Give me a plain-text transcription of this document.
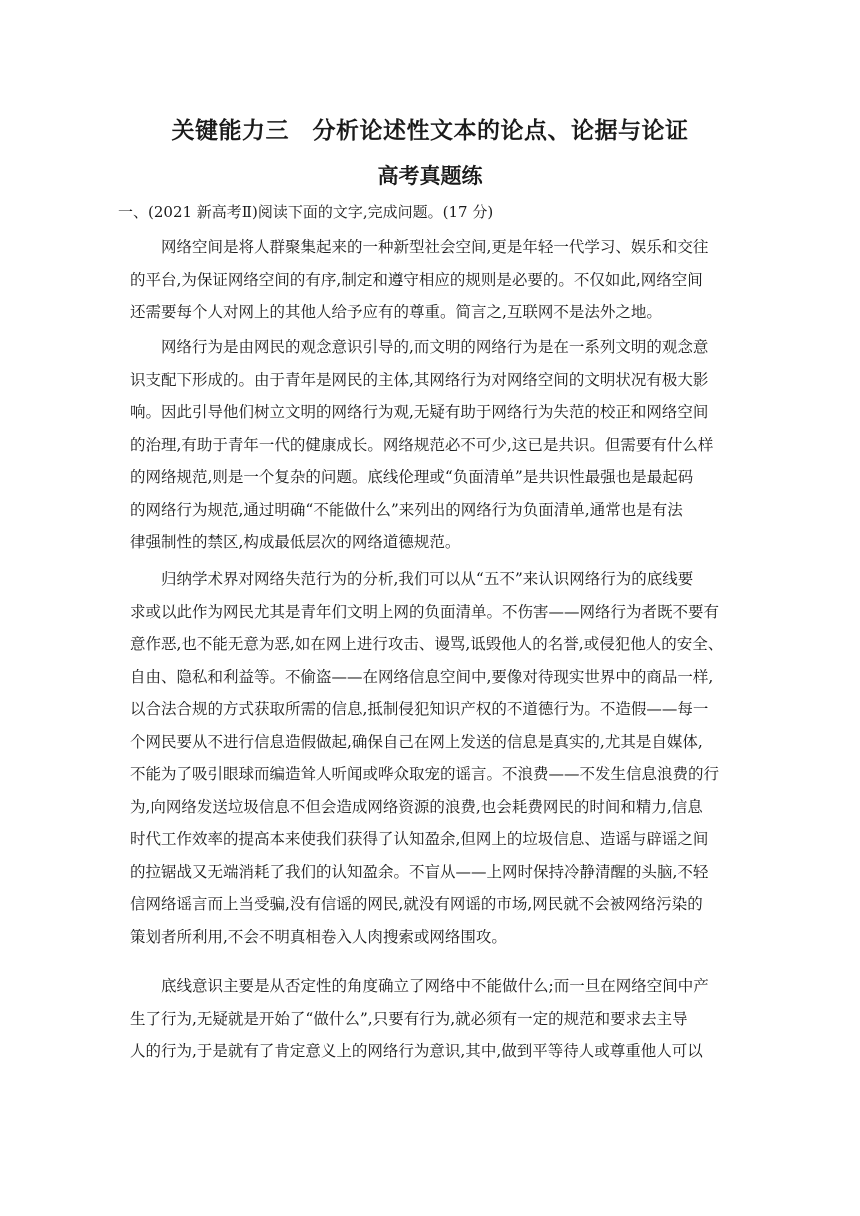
关键能力三　分析论述性文本的论点、论据与论证
高考真题练

一、(2021 新高考Ⅱ)阅读下面的文字,完成问题。(17 分)

网络空间是将人群聚集起来的一种新型社会空间,更是年轻一代学习、娱乐和交往
的平台,为保证网络空间的有序,制定和遵守相应的规则是必要的。不仅如此,网络空间
还需要每个人对网上的其他人给予应有的尊重。简言之,互联网不是法外之地。

网络行为是由网民的观念意识引导的,而文明的网络行为是在一系列文明的观念意
识支配下形成的。由于青年是网民的主体,其网络行为对网络空间的文明状况有极大影
响。因此引导他们树立文明的网络行为观,无疑有助于网络行为失范的校正和网络空间
的治理,有助于青年一代的健康成长。网络规范必不可少,这已是共识。但需要有什么样
的网络规范,则是一个复杂的问题。底线伦理或“负面清单”是共识性最强也是最起码
的网络行为规范,通过明确“不能做什么”来列出的网络行为负面清单,通常也是有法
律强制性的禁区,构成最低层次的网络道德规范。

归纳学术界对网络失范行为的分析,我们可以从“五不”来认识网络行为的底线要
求或以此作为网民尤其是青年们文明上网的负面清单。不伤害——网络行为者既不要有
意作恶,也不能无意为恶,如在网上进行攻击、谩骂,诋毁他人的名誉,或侵犯他人的安全、
自由、隐私和利益等。不偷盗——在网络信息空间中,要像对待现实世界中的商品一样,
以合法合规的方式获取所需的信息,抵制侵犯知识产权的不道德行为。不造假——每一
个网民要从不进行信息造假做起,确保自己在网上发送的信息是真实的,尤其是自媒体,
不能为了吸引眼球而编造耸人听闻或哗众取宠的谣言。不浪费——不发生信息浪费的行
为,向网络发送垃圾信息不但会造成网络资源的浪费,也会耗费网民的时间和精力,信息
时代工作效率的提高本来使我们获得了认知盈余,但网上的垃圾信息、造谣与辟谣之间
的拉锯战又无端消耗了我们的认知盈余。不盲从——上网时保持冷静清醒的头脑,不轻
信网络谣言而上当受骗,没有信谣的网民,就没有网谣的市场,网民就不会被网络污染的
策划者所利用,不会不明真相卷入人肉搜索或网络围攻。

底线意识主要是从否定性的角度确立了网络中不能做什么;而一旦在网络空间中产
生了行为,无疑就是开始了“做什么”,只要有行为,就必须有一定的规范和要求去主导
人的行为,于是就有了肯定意义上的网络行为意识,其中,做到平等待人或尊重他人可以
